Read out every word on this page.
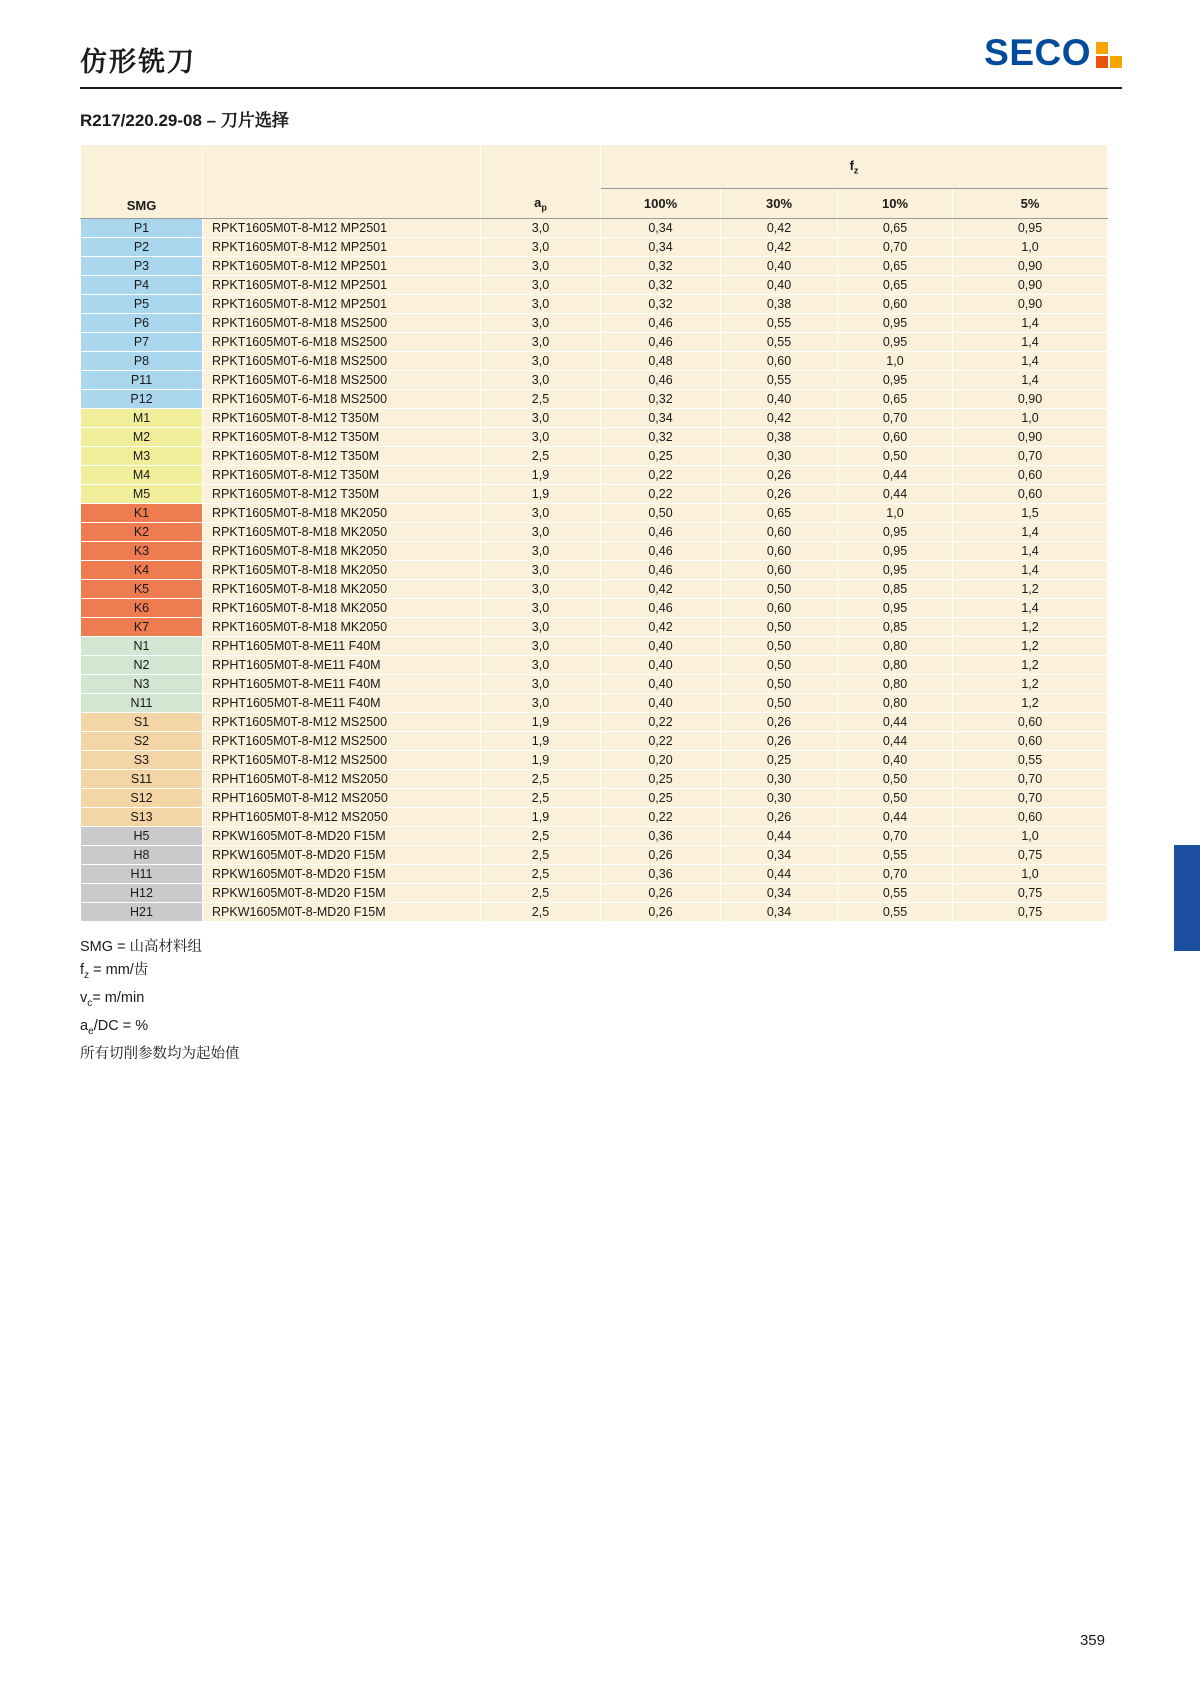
仿形铣刀	SECO
R217/220.29-08 – 刀片选择
SMG		$a_p$	$f_z$
			100%	30%	10%	5%
P1	RPKT1605M0T-8-M12 MP2501	3,0	0,34	0,42	0,65	0,95
P2	RPKT1605M0T-8-M12 MP2501	3,0	0,34	0,42	0,70	1,0
P3	RPKT1605M0T-8-M12 MP2501	3,0	0,32	0,40	0,65	0,90
P4	RPKT1605M0T-8-M12 MP2501	3,0	0,32	0,40	0,65	0,90
P5	RPKT1605M0T-8-M12 MP2501	3,0	0,32	0,38	0,60	0,90
P6	RPKT1605M0T-8-M18 MS2500	3,0	0,46	0,55	0,95	1,4
P7	RPKT1605M0T-6-M18 MS2500	3,0	0,46	0,55	0,95	1,4
P8	RPKT1605M0T-6-M18 MS2500	3,0	0,48	0,60	1,0	1,4
P11	RPKT1605M0T-6-M18 MS2500	3,0	0,46	0,55	0,95	1,4
P12	RPKT1605M0T-6-M18 MS2500	2,5	0,32	0,40	0,65	0,90
M1	RPKT1605M0T-8-M12 T350M	3,0	0,34	0,42	0,70	1,0
M2	RPKT1605M0T-8-M12 T350M	3,0	0,32	0,38	0,60	0,90
M3	RPKT1605M0T-8-M12 T350M	2,5	0,25	0,30	0,50	0,70
M4	RPKT1605M0T-8-M12 T350M	1,9	0,22	0,26	0,44	0,60
M5	RPKT1605M0T-8-M12 T350M	1,9	0,22	0,26	0,44	0,60
K1	RPKT1605M0T-8-M18 MK2050	3,0	0,50	0,65	1,0	1,5
K2	RPKT1605M0T-8-M18 MK2050	3,0	0,46	0,60	0,95	1,4
K3	RPKT1605M0T-8-M18 MK2050	3,0	0,46	0,60	0,95	1,4
K4	RPKT1605M0T-8-M18 MK2050	3,0	0,46	0,60	0,95	1,4
K5	RPKT1605M0T-8-M18 MK2050	3,0	0,42	0,50	0,85	1,2
K6	RPKT1605M0T-8-M18 MK2050	3,0	0,46	0,60	0,95	1,4
K7	RPKT1605M0T-8-M18 MK2050	3,0	0,42	0,50	0,85	1,2
N1	RPHT1605M0T-8-ME11 F40M	3,0	0,40	0,50	0,80	1,2
N2	RPHT1605M0T-8-ME11 F40M	3,0	0,40	0,50	0,80	1,2
N3	RPHT1605M0T-8-ME11 F40M	3,0	0,40	0,50	0,80	1,2
N11	RPHT1605M0T-8-ME11 F40M	3,0	0,40	0,50	0,80	1,2
S1	RPKT1605M0T-8-M12 MS2500	1,9	0,22	0,26	0,44	0,60
S2	RPKT1605M0T-8-M12 MS2500	1,9	0,22	0,26	0,44	0,60
S3	RPKT1605M0T-8-M12 MS2500	1,9	0,20	0,25	0,40	0,55
S11	RPHT1605M0T-8-M12 MS2050	2,5	0,25	0,30	0,50	0,70
S12	RPHT1605M0T-8-M12 MS2050	2,5	0,25	0,30	0,50	0,70
S13	RPHT1605M0T-8-M12 MS2050	1,9	0,22	0,26	0,44	0,60
H5	RPKW1605M0T-8-MD20 F15M	2,5	0,36	0,44	0,70	1,0
H8	RPKW1605M0T-8-MD20 F15M	2,5	0,26	0,34	0,55	0,75
H11	RPKW1605M0T-8-MD20 F15M	2,5	0,36	0,44	0,70	1,0
H12	RPKW1605M0T-8-MD20 F15M	2,5	0,26	0,34	0,55	0,75
H21	RPKW1605M0T-8-MD20 F15M	2,5	0,26	0,34	0,55	0,75
SMG = 山高材料组
$f_z = mm/$齿
$v_c= m/\min$
$a_e/DC$ = %
所有切削参数均为起始值
359
